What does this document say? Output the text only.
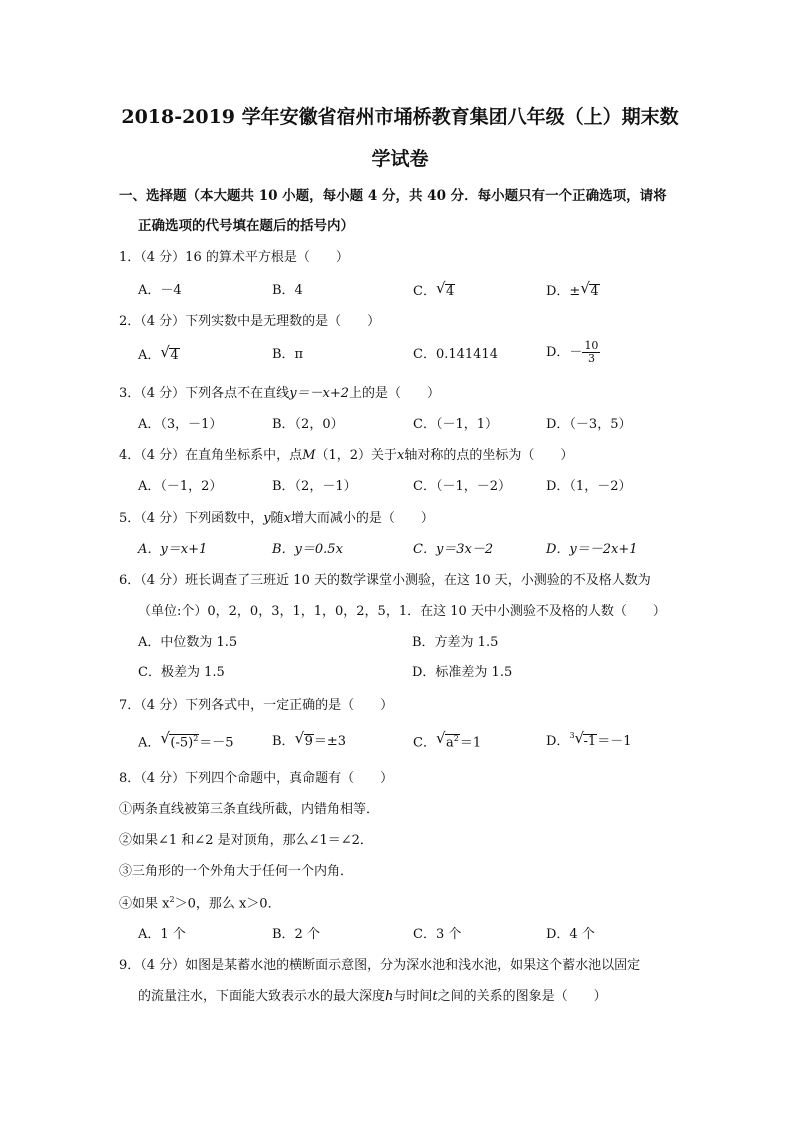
2018-2019 学年安徽省宿州市埇桥教育集团八年级（上）期末数
学试卷
一、选择题（本大题共 10 小题，每小题 4 分，共 40 分．每小题只有一个正确选项，请将
正确选项的代号填在题后的括号内）
1．（4 分）16 的算术平方根是（　　）
A．－4	B．4	C． √ 4	D．± √ 4
2．（4 分）下列实数中是无理数的是（　　）
A． √ 4	B．π	C．0.141414	D．－ $\frac{10}{3}$
3．（4 分）下列各点不在直线y＝－x+2上的是（　　）
A．（3，－1）	B．（2，0）	C．（－1，1）	D．（－3，5）
4．（4 分）在直角坐标系中，点M（1，2）关于x轴对称的点的坐标为（　　）
A．（－1，2）	B．（2，－1）	C．（－1，－2）	D．（1，－2）
5．（4 分）下列函数中，y随x增大而减小的是（　　）
A．y＝x+1	B．y＝0.5x	C．y＝3x－2	D．y＝－2x+1
6．（4 分）班长调查了三班近 10 天的数学课堂小测验，在这 10 天，小测验的不及格人数为
（单位:个）0，2，0，3，1，1，0，2，5，1．在这 10 天中小测验不及格的人数（　　）
A．中位数为 1.5	B．方差为 1.5
C．极差为 1.5	D．标准差为 1.5
7．（4 分）下列各式中，一定正确的是（　　）
A． √ $(-5)^2=-5$	B． √ 9＝±3	C． √ $a^2=1$	D．$^3$ √ -1＝－1
8．（4 分）下列四个命题中，真命题有（　　）
①两条直线被第三条直线所截，内错角相等．
②如果∠1 和∠2 是对顶角，那么∠1＝∠2．
③三角形的一个外角大于任何一个内角．
④如果 $x^2>0$，那么 x＞0．
A．1 个	B．2 个	C．3 个	D．4 个
9．（4 分）如图是某蓄水池的横断面示意图，分为深水池和浅水池，如果这个蓄水池以固定
的流量注水，下面能大致表示水的最大深度h与时间t之间的关系的图象是（　　）
